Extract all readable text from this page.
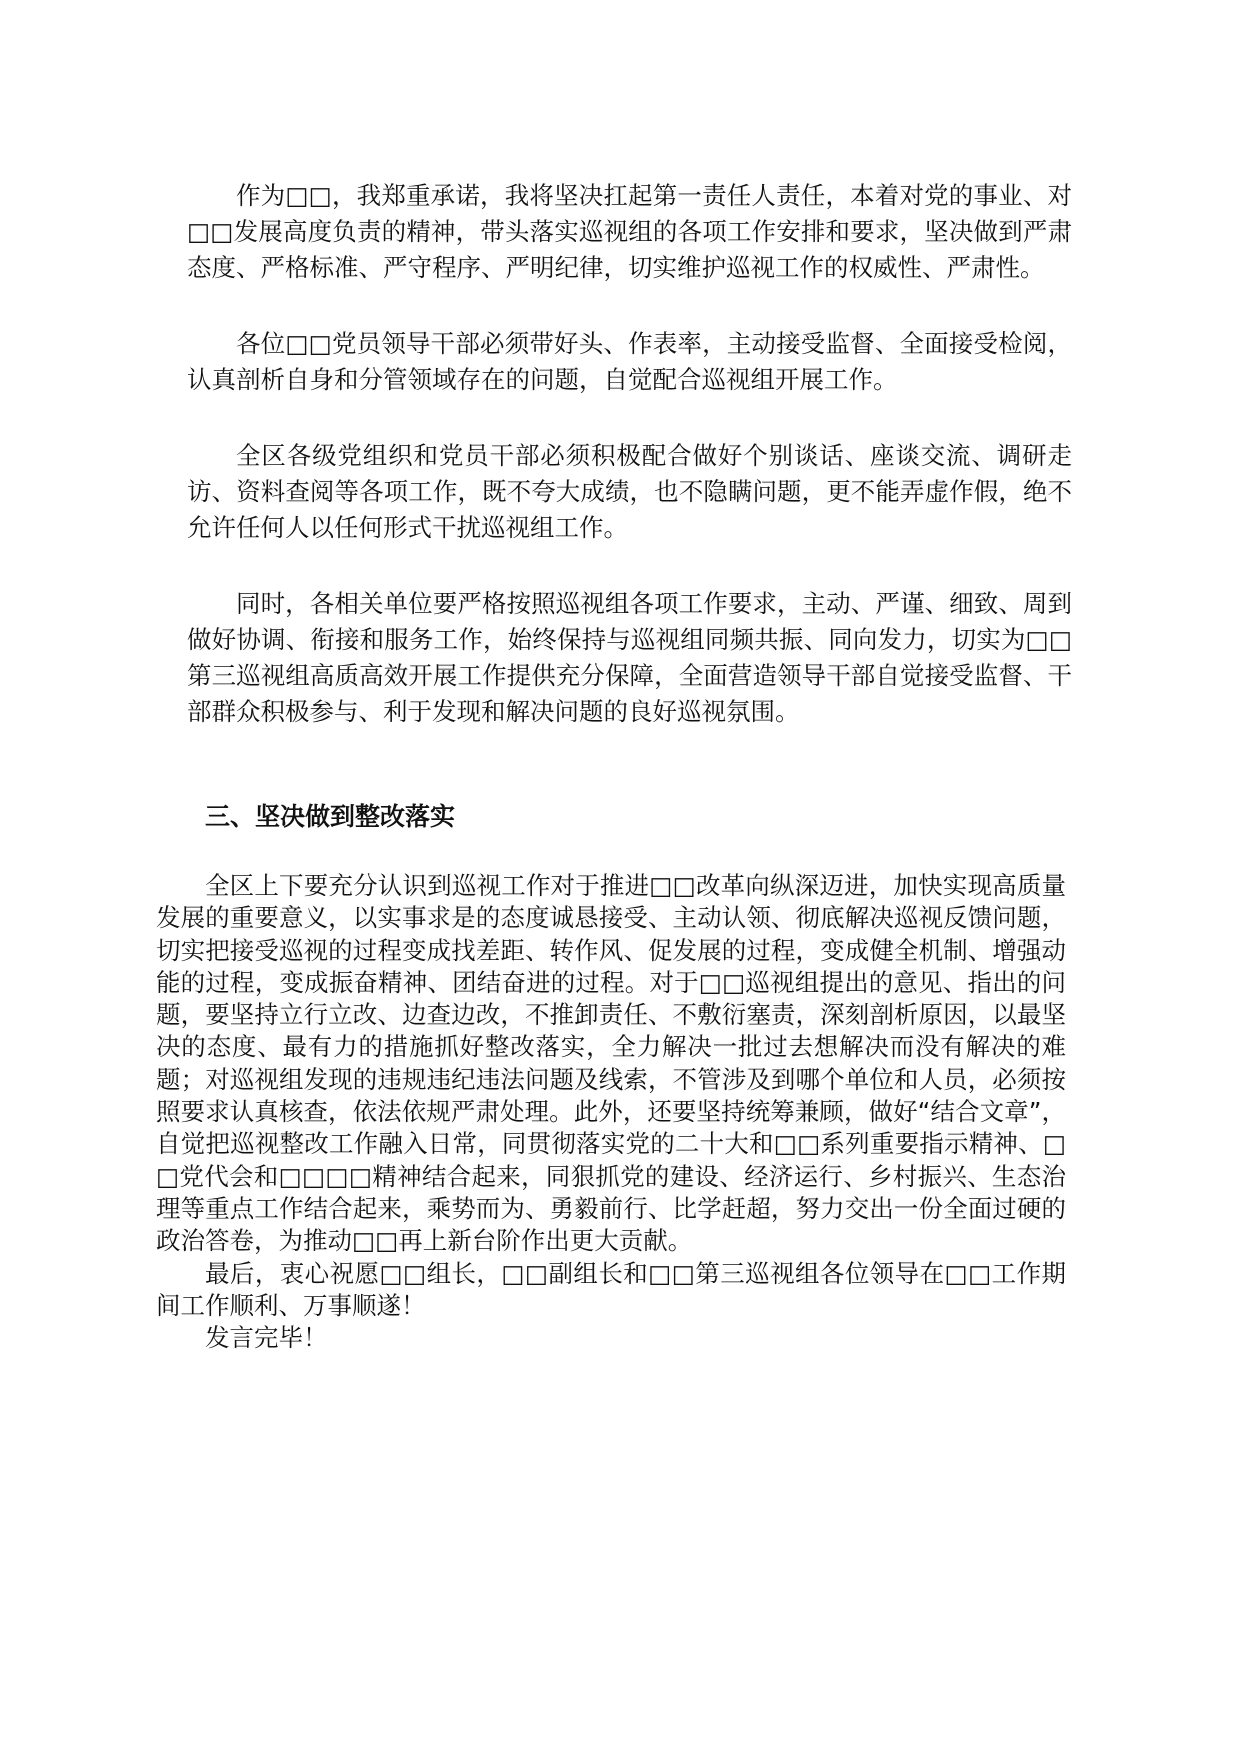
作为□□，我郑重承诺，我将坚决扛起第一责任人责任，本着对党的事业、对□□发展高度负责的精神，带头落实巡视组的各项工作安排和要求，坚决做到严肃态度、严格标准、严守程序、严明纪律，切实维护巡视工作的权威性、严肃性。

各位□□党员领导干部必须带好头、作表率，主动接受监督、全面接受检阅，认真剖析自身和分管领域存在的问题，自觉配合巡视组开展工作。

全区各级党组织和党员干部必须积极配合做好个别谈话、座谈交流、调研走访、资料查阅等各项工作，既不夸大成绩，也不隐瞒问题，更不能弄虚作假，绝不允许任何人以任何形式干扰巡视组工作。

同时，各相关单位要严格按照巡视组各项工作要求，主动、严谨、细致、周到做好协调、衔接和服务工作，始终保持与巡视组同频共振、同向发力，切实为□□第三巡视组高质高效开展工作提供充分保障，全面营造领导干部自觉接受监督、干部群众积极参与、利于发现和解决问题的良好巡视氛围。

三、坚决做到整改落实

全区上下要充分认识到巡视工作对于推进□□改革向纵深迈进，加快实现高质量发展的重要意义，以实事求是的态度诚恳接受、主动认领、彻底解决巡视反馈问题，切实把接受巡视的过程变成找差距、转作风、促发展的过程，变成健全机制、增强动能的过程，变成振奋精神、团结奋进的过程。对于□□巡视组提出的意见、指出的问题，要坚持立行立改、边查边改，不推卸责任、不敷衍塞责，深刻剖析原因，以最坚决的态度、最有力的措施抓好整改落实，全力解决一批过去想解决而没有解决的难题；对巡视组发现的违规违纪违法问题及线索，不管涉及到哪个单位和人员，必须按照要求认真核查，依法依规严肃处理。此外，还要坚持统筹兼顾，做好“结合文章”，自觉把巡视整改工作融入日常，同贯彻落实党的二十大和□□系列重要指示精神、□□党代会和□□□□精神结合起来，同狠抓党的建设、经济运行、乡村振兴、生态治理等重点工作结合起来，乘势而为、勇毅前行、比学赶超，努力交出一份全面过硬的政治答卷，为推动□□再上新台阶作出更大贡献。

最后，衷心祝愿□□组长，□□副组长和□□第三巡视组各位领导在□□工作期间工作顺利、万事顺遂！

发言完毕！
